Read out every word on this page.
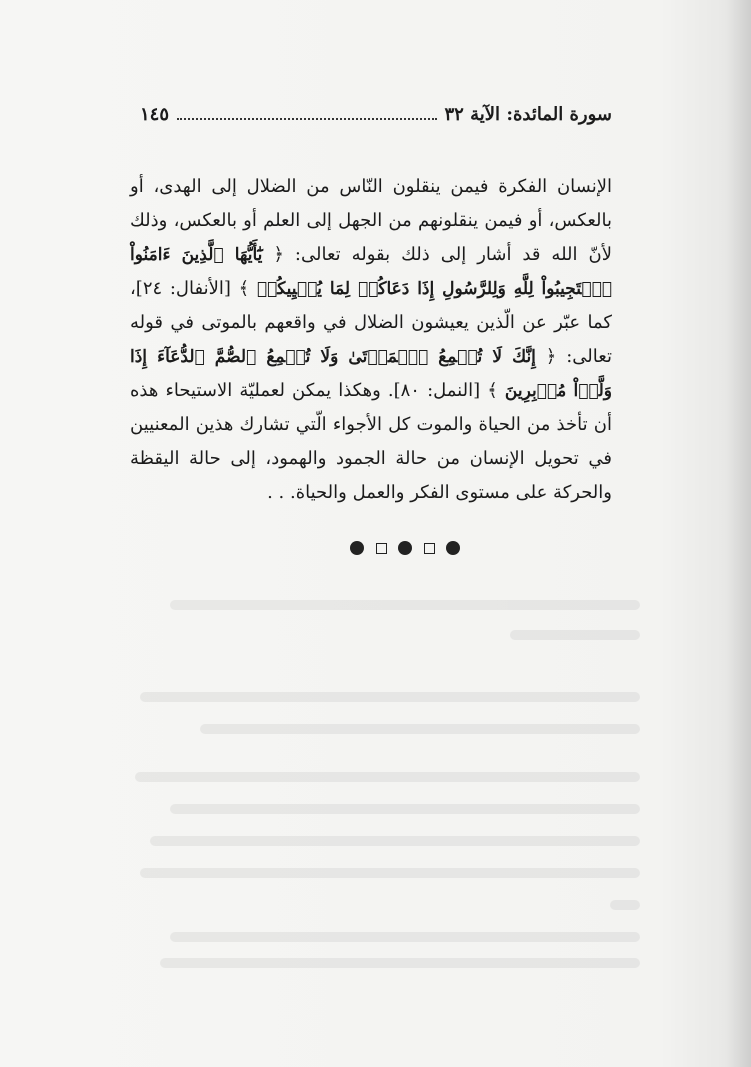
سورة المائدة: الآية ٣٢
١٤٥

الإنسان الفكرة فيمن ينقلون النّاس من الضلال إلى الهدى، أو بالعكس، أو فيمن ينقلونهم من الجهل إلى العلم أو بالعكس، وذلك لأنّ الله قد أشار إلى ذلك بقوله تعالى: ﴿ يَٰٓأَيُّهَا ٱلَّذِينَ ءَامَنُواْ ٱسۡتَجِيبُواْ لِلَّهِ وَلِلرَّسُولِ إِذَا دَعَاكُمۡ لِمَا يُحۡيِيكُمۡ ﴾ [الأنفال: ٢٤]، كما عبّر عن الّذين يعيشون الضلال في واقعهم بالموتى في قوله تعالى: ﴿ إِنَّكَ لَا تُسۡمِعُ ٱلۡمَوۡتَىٰ وَلَا تُسۡمِعُ ٱلصُّمَّ ٱلدُّعَآءَ إِذَا وَلَّوۡاْ مُدۡبِرِينَ ﴾ [النمل: ٨٠]. وهكذا يمكن لعمليّة الاستيحاء هذه أن تأخذ من الحياة والموت كل الأجواء الّتي تشارك هذين المعنيين في تحويل الإنسان من حالة الجمود والهمود، إلى حالة اليقظة والحركة على مستوى الفكر والعمل والحياة. . .
